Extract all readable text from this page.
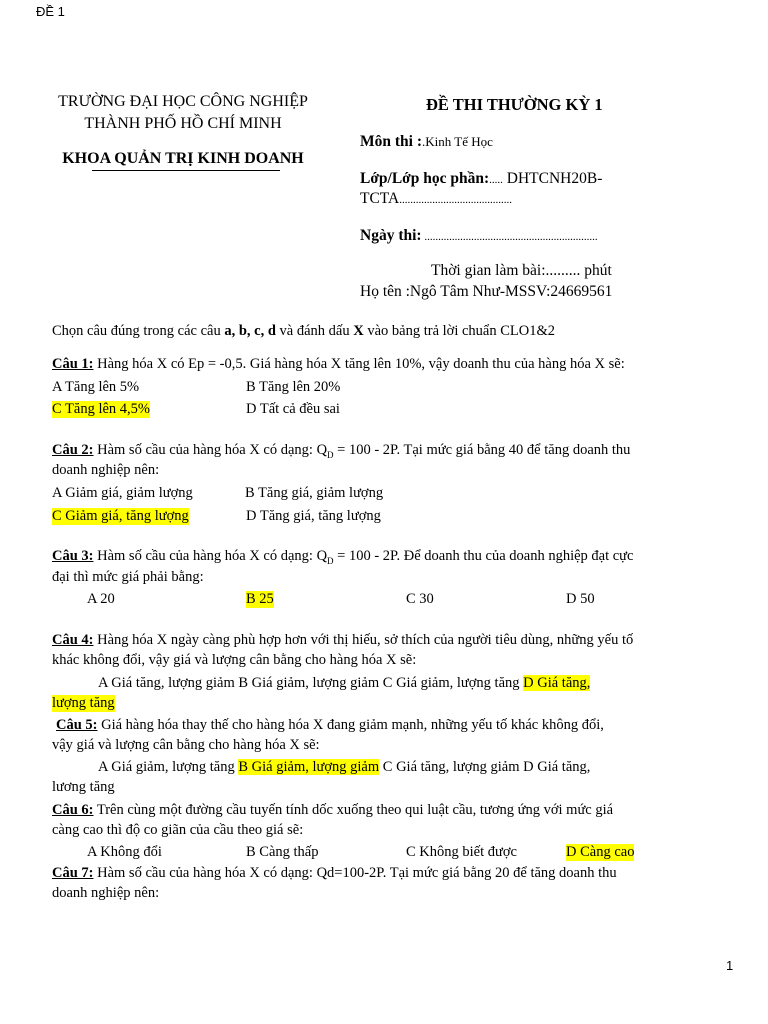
ĐỀ 1
TRƯỜNG ĐẠI HỌC CÔNG NGHIỆP
THÀNH PHỐ HỒ CHÍ MINH
KHOA QUẢN TRỊ KINH DOANH
ĐỀ THI THƯỜNG KỲ 1
Môn thi :.Kinh Tế Học
Lớp/Lớp học phần:..... DHTCNH20B-
TCTA.........................................
Ngày thi: ...............................................................
Thời gian làm bài:......... phút
Họ tên :Ngô Tâm Như-MSSV:24669561
Chọn câu đúng trong các câu a, b, c, d và đánh dấu X vào bảng trả lời chuẩn CLO1&2
Câu 1: Hàng hóa X có Ep = -0,5. Giá hàng hóa X tăng lên 10%, vậy doanh thu của hàng hóa X sẽ:
A Tăng lên 5%	B Tăng lên 20%
C Tăng lên 4,5%	D Tất cả đều sai
Câu 2: Hàm số cầu của hàng hóa X có dạng: $Q_D = 100 - 2P$. Tại mức giá bằng 40 để tăng doanh thu
doanh nghiệp nên:
A Giảm giá, giảm lượng	B Tăng giá, giảm lượng
C Giảm giá, tăng lượng	D Tăng giá, tăng lượng
Câu 3: Hàm số cầu của hàng hóa X có dạng: $Q_D = 100 - 2P$. Để doanh thu của doanh nghiệp đạt cực
đại thì mức giá phải bằng:
A 20	B 25	C 30	D 50
Câu 4: Hàng hóa X ngày càng phù hợp hơn với thị hiếu, sở thích của người tiêu dùng, những yếu tố
khác không đổi, vậy giá và lượng cân bằng cho hàng hóa X sẽ:
A Giá tăng, lượng giảm B Giá giảm, lượng giảm C Giá giảm, lượng tăng D Giá tăng,
lượng tăng
Câu 5: Giá hàng hóa thay thế cho hàng hóa X đang giảm mạnh, những yếu tố khác không đổi,
vậy giá và lượng cân bằng cho hàng hóa X sẽ:
A Giá giảm, lượng tăng B Giá giảm, lượng giảm C Giá tăng, lượng giảm D Giá tăng,
lương tăng
Câu 6: Trên cùng một đường cầu tuyến tính dốc xuống theo qui luật cầu, tương ứng với mức giá
càng cao thì độ co giãn của cầu theo giá sẽ:
A Không đổi	B Càng thấp	C Không biết được	D Càng cao
Câu 7: Hàm số cầu của hàng hóa X có dạng: Qd=100-2P. Tại mức giá bằng 20 để tăng doanh thu
doanh nghiệp nên:
1
